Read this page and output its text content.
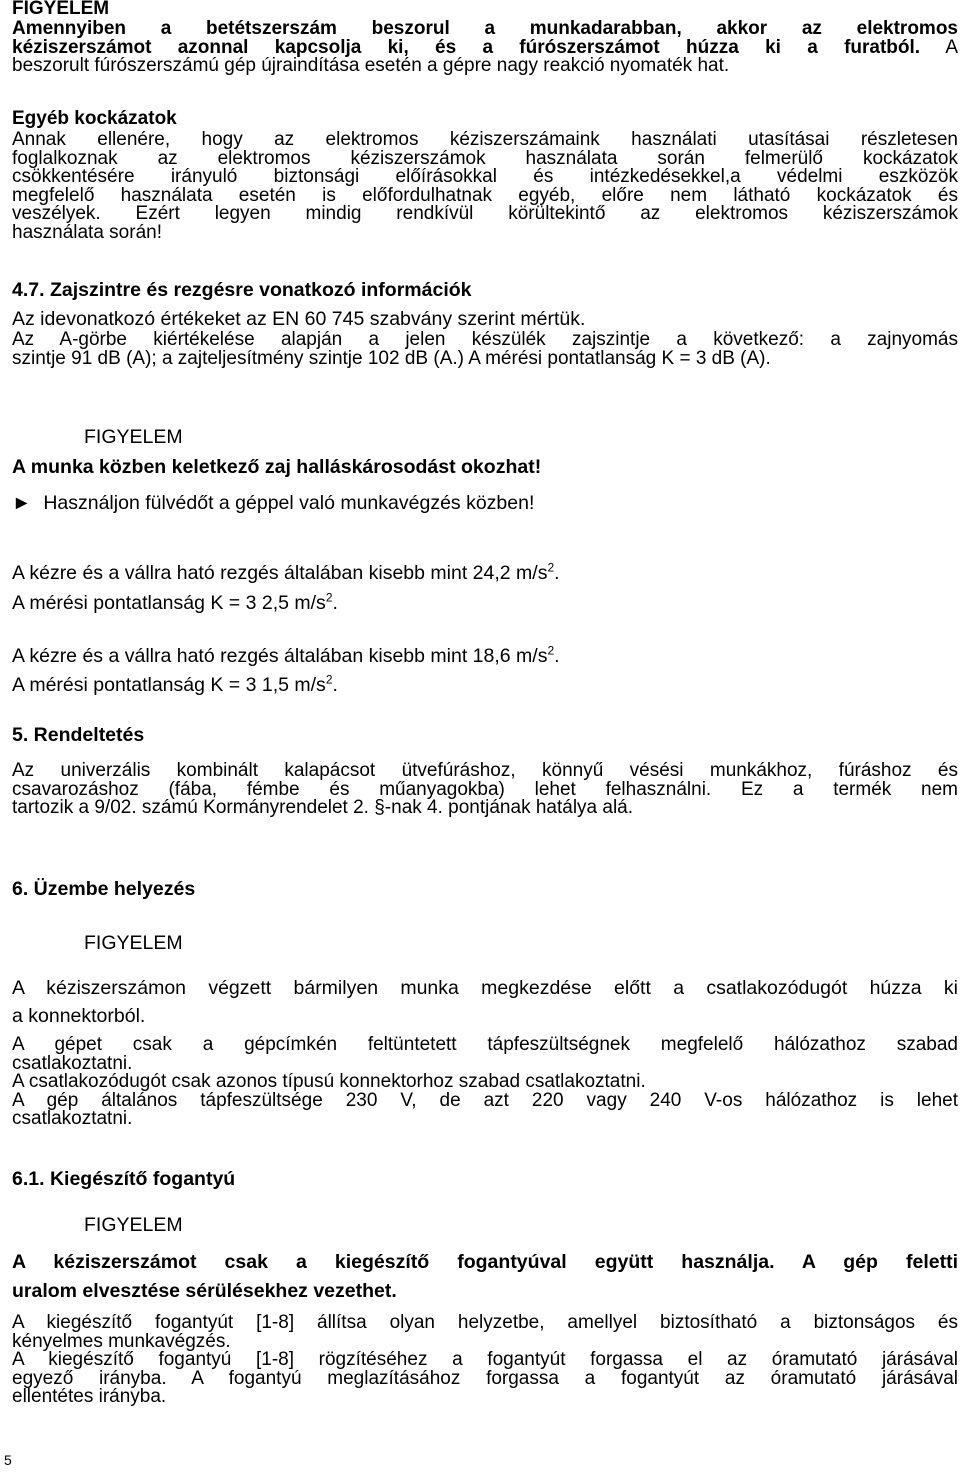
FIGYELEM
Amennyiben a betétszerszám beszorul a munkadarabban, akkor az elektromos
kéziszerszámot azonnal kapcsolja ki, és a fúrószerszámot húzza ki a furatból. A
beszorult fúrószerszámú gép újraindítása esetén a gépre nagy reakció nyomaték hat.
Egyéb kockázatok
Annak ellenére, hogy az elektromos kéziszerszámaink használati utasításai részletesen
foglalkoznak az elektromos kéziszerszámok használata során felmerülő kockázatok
csökkentésére irányuló biztonsági előírásokkal és intézkedésekkel,a védelmi eszközök
megfelelő használata esetén is előfordulhatnak egyéb, előre nem látható kockázatok és
veszélyek. Ezért legyen mindig rendkívül körültekintő az elektromos kéziszerszámok
használata során!
4.7. Zajszintre és rezgésre vonatkozó információk
Az idevonatkozó értékeket az EN 60 745 szabvány szerint mértük.
Az A-görbe kiértékelése alapján a jelen készülék zajszintje a következő: a zajnyomás
szintje 91 dB (A); a zajteljesítmény szintje 102 dB (A.) A mérési pontatlanság K = 3 dB (A).
FIGYELEM
A munka közben keletkező zaj halláskárosodást okozhat!
► Használjon fülvédőt a géppel való munkavégzés közben!
A kézre és a vállra ható rezgés általában kisebb mint 24,2 $m/s^2$.
A mérési pontatlanság K = 3 2,5 $m/s^2$.
A kézre és a vállra ható rezgés általában kisebb mint 18,6 $m/s^2$.
A mérési pontatlanság K = 3 1,5 $m/s^2$.
5. Rendeltetés
Az univerzális kombinált kalapácsot ütvefúráshoz, könnyű vésési munkákhoz, fúráshoz és
csavarozáshoz (fába, fémbe és műanyagokba) lehet felhasználni. Ez a termék nem
tartozik a 9/02. számú Kormányrendelet 2. §-nak 4. pontjának hatálya alá.
6. Üzembe helyezés
FIGYELEM
A kéziszerszámon végzett bármilyen munka megkezdése előtt a csatlakozódugót húzza ki
a konnektorból.
A gépet csak a gépcímkén feltüntetett tápfeszültségnek megfelelő hálózathoz szabad
csatlakoztatni.
A csatlakozódugót csak azonos típusú konnektorhoz szabad csatlakoztatni.
A gép általános tápfeszültsége 230 V, de azt 220 vagy 240 V-os hálózathoz is lehet
csatlakoztatni.
6.1. Kiegészítő fogantyú
FIGYELEM
A kéziszerszámot csak a kiegészítő fogantyúval együtt használja. A gép feletti
uralom elvesztése sérülésekhez vezethet.
A kiegészítő fogantyút [1-8] állítsa olyan helyzetbe, amellyel biztosítható a biztonságos és
kényelmes munkavégzés.
A kiegészítő fogantyú [1-8] rögzítéséhez a fogantyút forgassa el az óramutató járásával
egyező irányba. A fogantyú meglazításához forgassa a fogantyút az óramutató járásával
ellentétes irányba.
5
